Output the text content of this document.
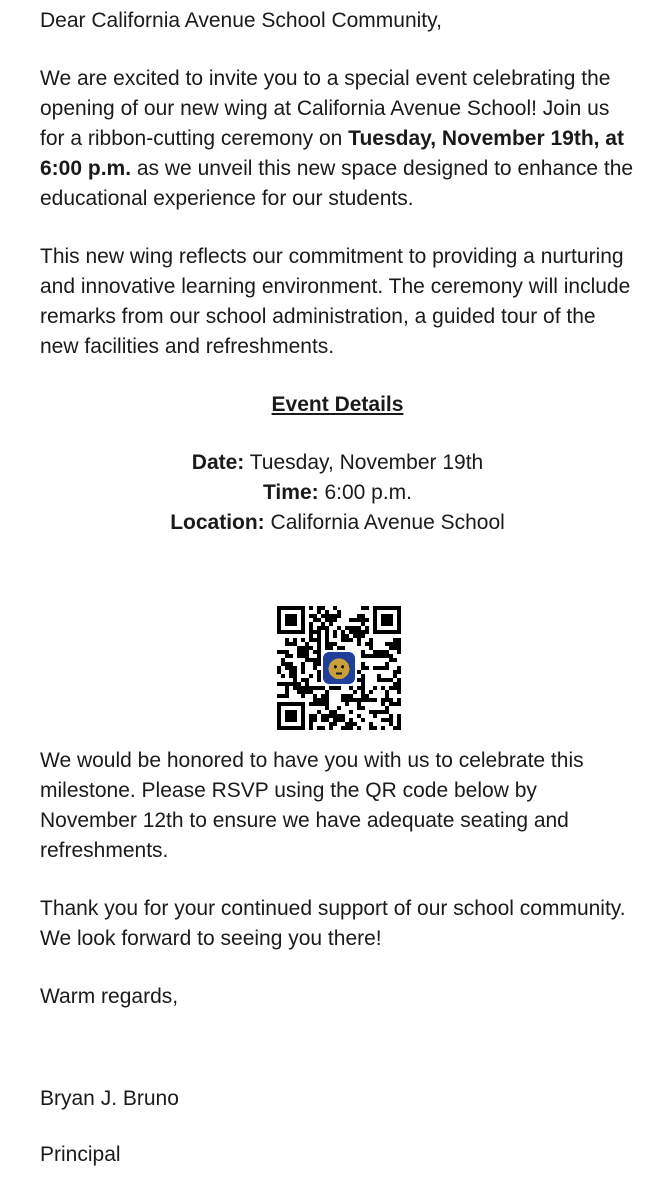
Dear California Avenue School Community,

We are excited to invite you to a special event celebrating the opening of our new wing at California Avenue School! Join us for a ribbon-cutting ceremony on Tuesday, November 19th, at 6:00 p.m. as we unveil this new space designed to enhance the educational experience for our students.

This new wing reflects our commitment to providing a nurturing and innovative learning environment. The ceremony will include remarks from our school administration, a guided tour of the new facilities and refreshments.

Event Details
Date: Tuesday, November 19th
Time: 6:00 p.m.
Location: California Avenue School

We would be honored to have you with us to celebrate this milestone. Please RSVP using the QR code below by November 12th to ensure we have adequate seating and refreshments.

Thank you for your continued support of our school community. We look forward to seeing you there!

Warm regards,

Bryan J. Bruno

Principal
